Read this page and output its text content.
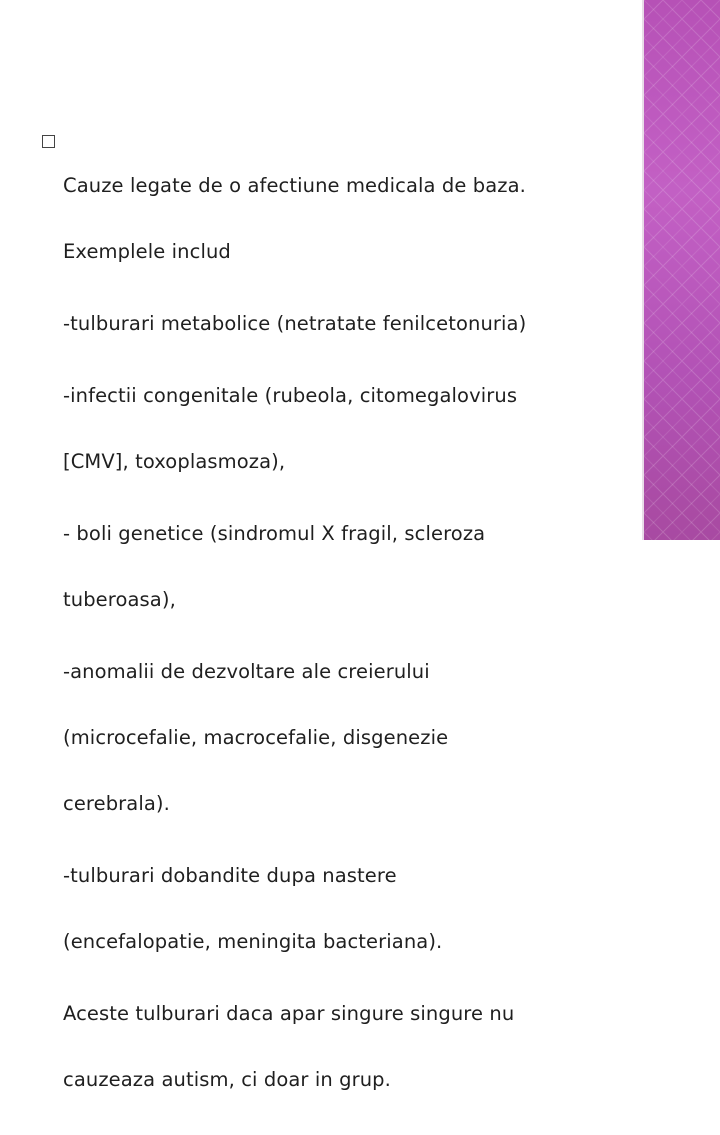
Cauze legate de o afectiune medicala de baza.

Exemplele includ

-tulburari metabolice (netratate fenilcetonuria)

-infectii congenitale (rubeola, citomegalovirus

[CMV], toxoplasmoza),

- boli genetice (sindromul X fragil, scleroza

tuberoasa),

-anomalii de dezvoltare ale creierului

(microcefalie, macrocefalie, disgenezie

cerebrala).

-tulburari dobandite dupa nastere

(encefalopatie, meningita bacteriana).

Aceste tulburari daca apar singure singure nu

cauzeaza autism, ci doar in grup.
